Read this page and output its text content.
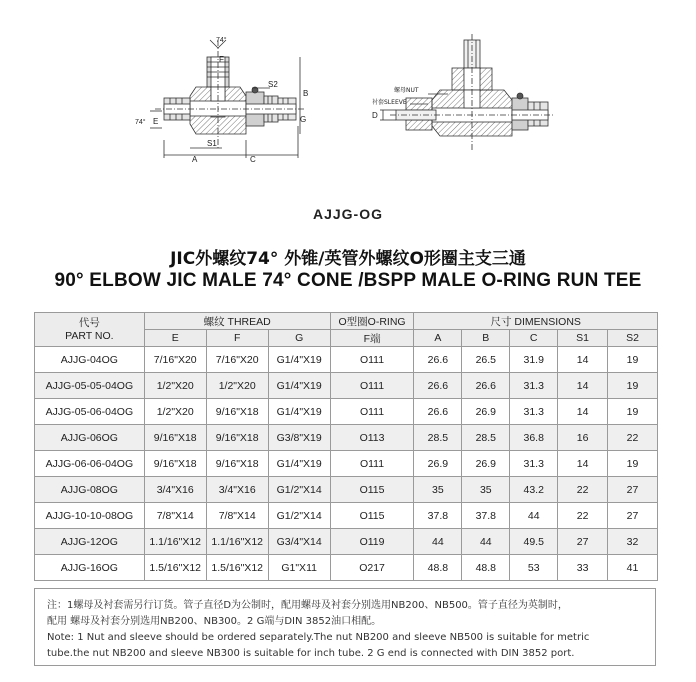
74°
F
S2
B
74° E	G
S1
A	C
螺母NUT
衬套SLEEVE
D
AJJG-OG
JIC外螺纹74° 外锥/英管外螺纹O形圈主支三通
90° ELBOW JIC MALE 74° CONE /BSPP MALE O-RING RUN TEE
代号
PART NO.	螺纹 THREAD			O型圈O-RING	尺寸 DIMENSIONS				
	E	F	G	F端	A	B	C	S1	S2
AJJG-04OG	7/16"X20	7/16"X20	G1/4"X19	O111	26.6	26.5	31.9	14	19
AJJG-05-05-04OG	1/2"X20	1/2"X20	G1/4"X19	O111	26.6	26.6	31.3	14	19
AJJG-05-06-04OG	1/2"X20	9/16"X18	G1/4"X19	O111	26.6	26.9	31.3	14	19
AJJG-06OG	9/16"X18	9/16"X18	G3/8"X19	O113	28.5	28.5	36.8	16	22
AJJG-06-06-04OG	9/16"X18	9/16"X18	G1/4"X19	O111	26.9	26.9	31.3	14	19
AJJG-08OG	3/4"X16	3/4"X16	G1/2"X14	O115	35	35	43.2	22	27
AJJG-10-10-08OG	7/8"X14	7/8"X14	G1/2"X14	O115	37.8	37.8	44	22	27
AJJG-12OG	1.1/16"X12	1.1/16"X12	G3/4"X14	O119	44	44	49.5	27	32
AJJG-16OG	1.5/16"X12	1.5/16"X12	G1"X11	O217	48.8	48.8	53	33	41
注：1螺母及衬套需另行订货。管子直径D为公制时，配用螺母及衬套分别选用NB200、NB500。管子直径为英制时，
配用 螺母及衬套分别选用NB200、NB300。2 G端与DIN 3852油口相配。
Note: 1 Nut and sleeve should be ordered separately.The nut NB200 and sleeve NB500 is suitable for metric
tube.the nut NB200 and sleeve NB300 is suitable for inch tube. 2 G end is connected with DIN 3852 port.
